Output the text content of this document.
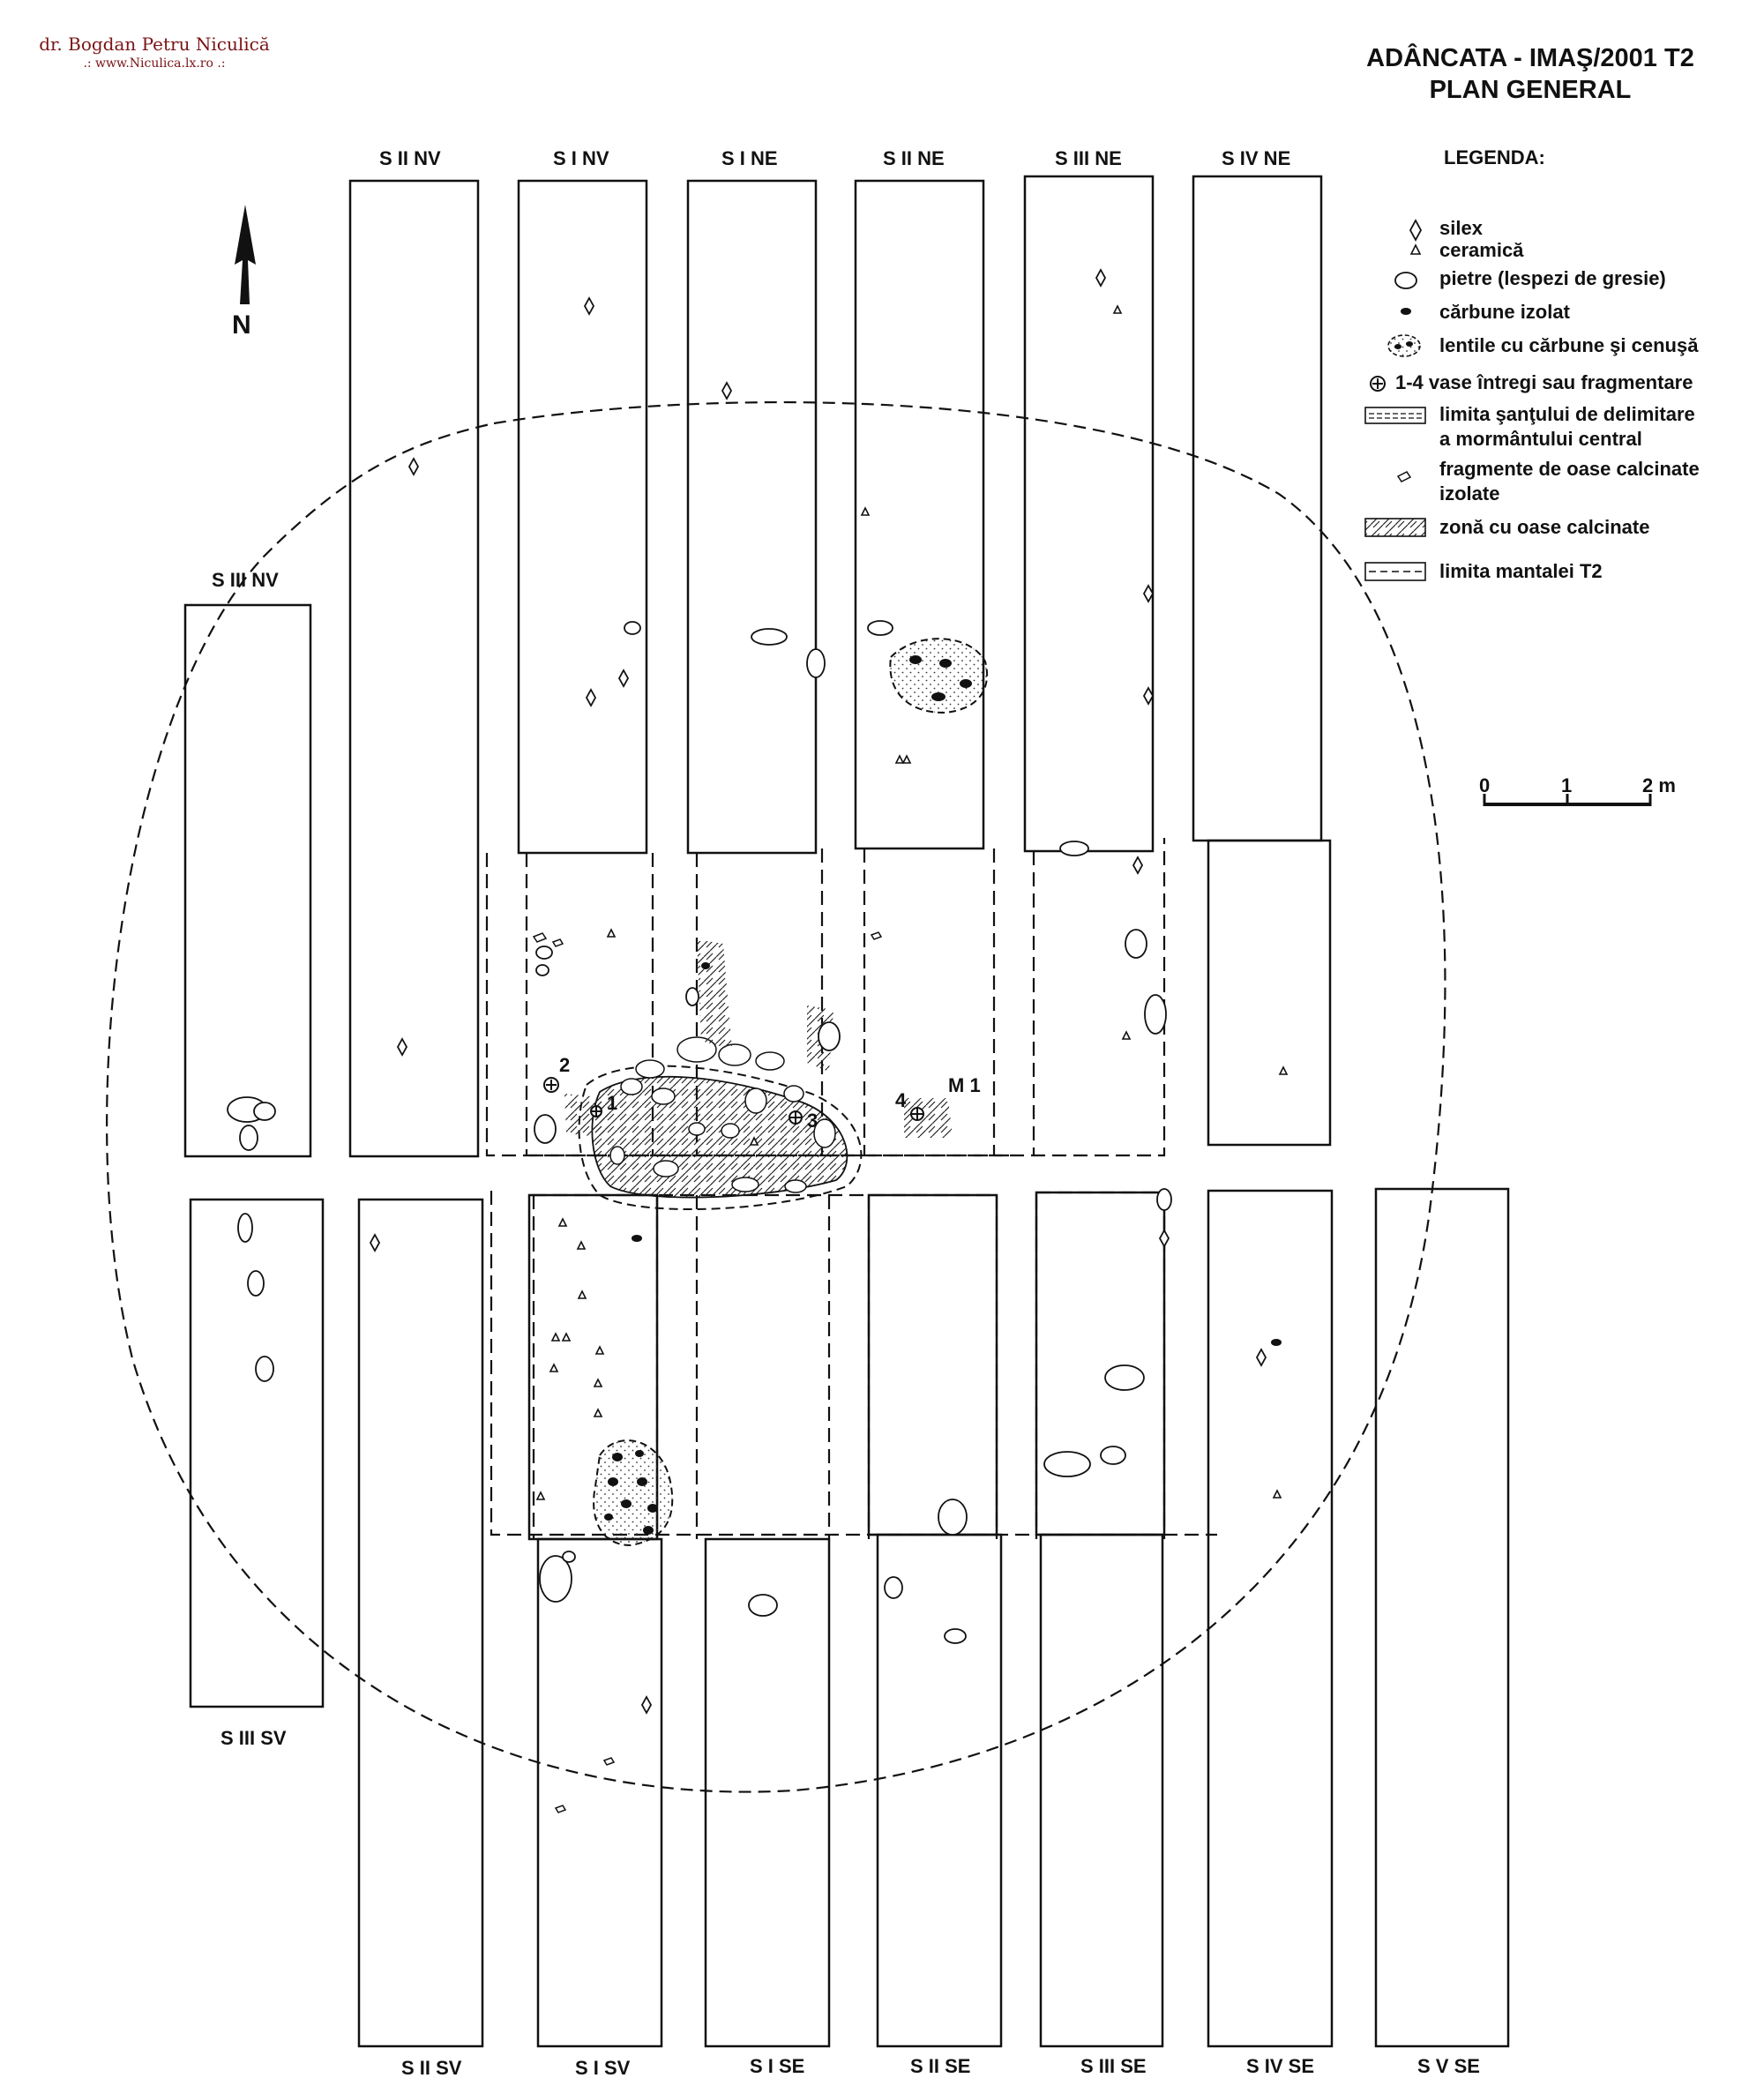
dr. Bogdan Petru Niculică
.: www.Niculica.lx.ro .:	ADÂNCATA - IMAŞ/2001 T2
PLAN GENERAL
LEGENDA:
silex
ceramică
pietre (lespezi de gresie)
cărbune izolat
lentile cu cărbune şi cenuşă
1-4 vase întregi sau fragmentare
limita şanţului de delimitare
a mormântului central
fragmente de oase calcinate
izolate
zonă cu oase calcinate
limita mantalei T2
N
1
2
3
4
M 1
S II NV	S I NV	S I NE	S II NE	S III NE	S IV NE
S III NV
S III SV
S II SV	S I SV	S I SE	S II SE	S III SE	S IV SE	S V SE
0	1	2 m
